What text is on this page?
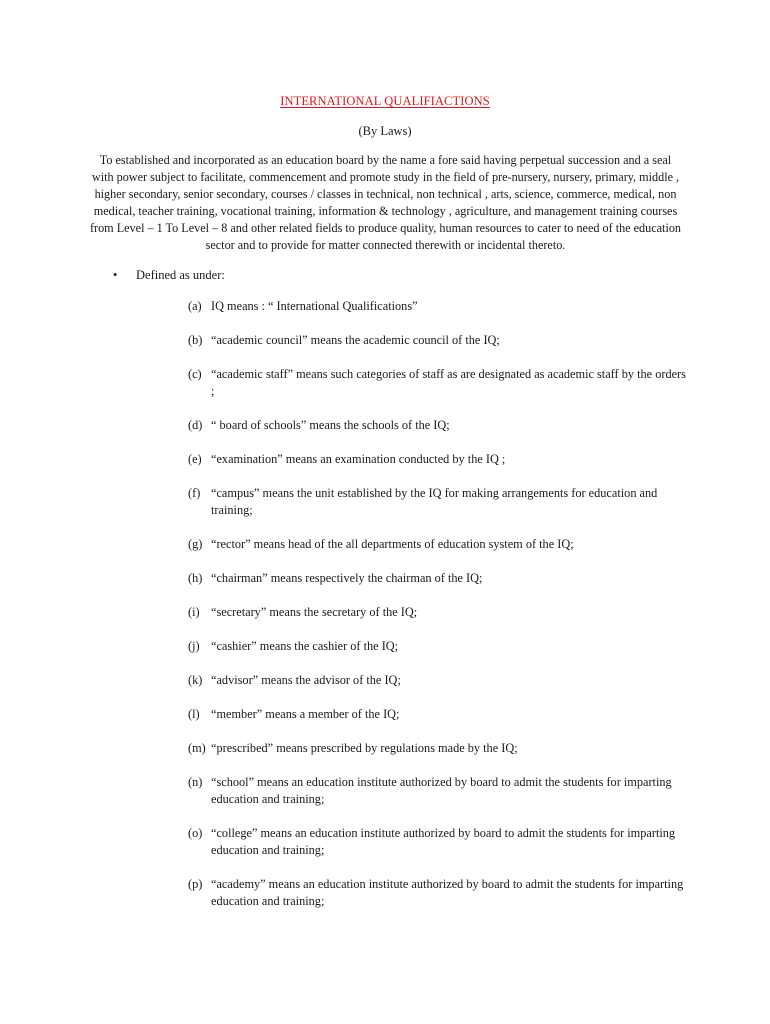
INTERNATIONAL QUALIFIACTIONS
(By Laws)
To established and incorporated as an education board by the name a fore said having perpetual succession and a seal with power subject to facilitate, commencement and promote study in the field of pre-nursery, nursery, primary, middle , higher secondary, senior secondary, courses / classes in technical, non technical , arts, science, commerce, medical, non medical, teacher training, vocational training, information & technology , agriculture, and management training courses from Level – 1 To Level – 8 and other related fields to produce quality, human resources to cater to need of the education sector and to provide for matter connected therewith or incidental thereto.
• Defined as under:
(a) IQ means : “ International Qualifications”
(b) “academic council” means the academic council of the IQ;
(c) “academic staff” means such categories of staff as are designated as academic staff by the orders ;
(d) “ board of schools” means the schools of the IQ;
(e) “examination” means an examination conducted by the IQ ;
(f) “campus” means the unit established by the IQ for making arrangements for education and training;
(g) “rector” means head of the all departments of education system of the IQ;
(h) “chairman” means respectively the chairman of the IQ;
(i) “secretary” means the secretary of the IQ;
(j) “cashier” means the cashier of the IQ;
(k) “advisor” means the advisor of the IQ;
(l) “member” means a member of the IQ;
(m) “prescribed” means prescribed by regulations made by the IQ;
(n) “school” means an education institute authorized by board to admit the students for imparting education and training;
(o) “college” means an education institute authorized by board to admit the students for imparting education and training;
(p) “academy” means an education institute authorized by board to admit the students for imparting education and training;
